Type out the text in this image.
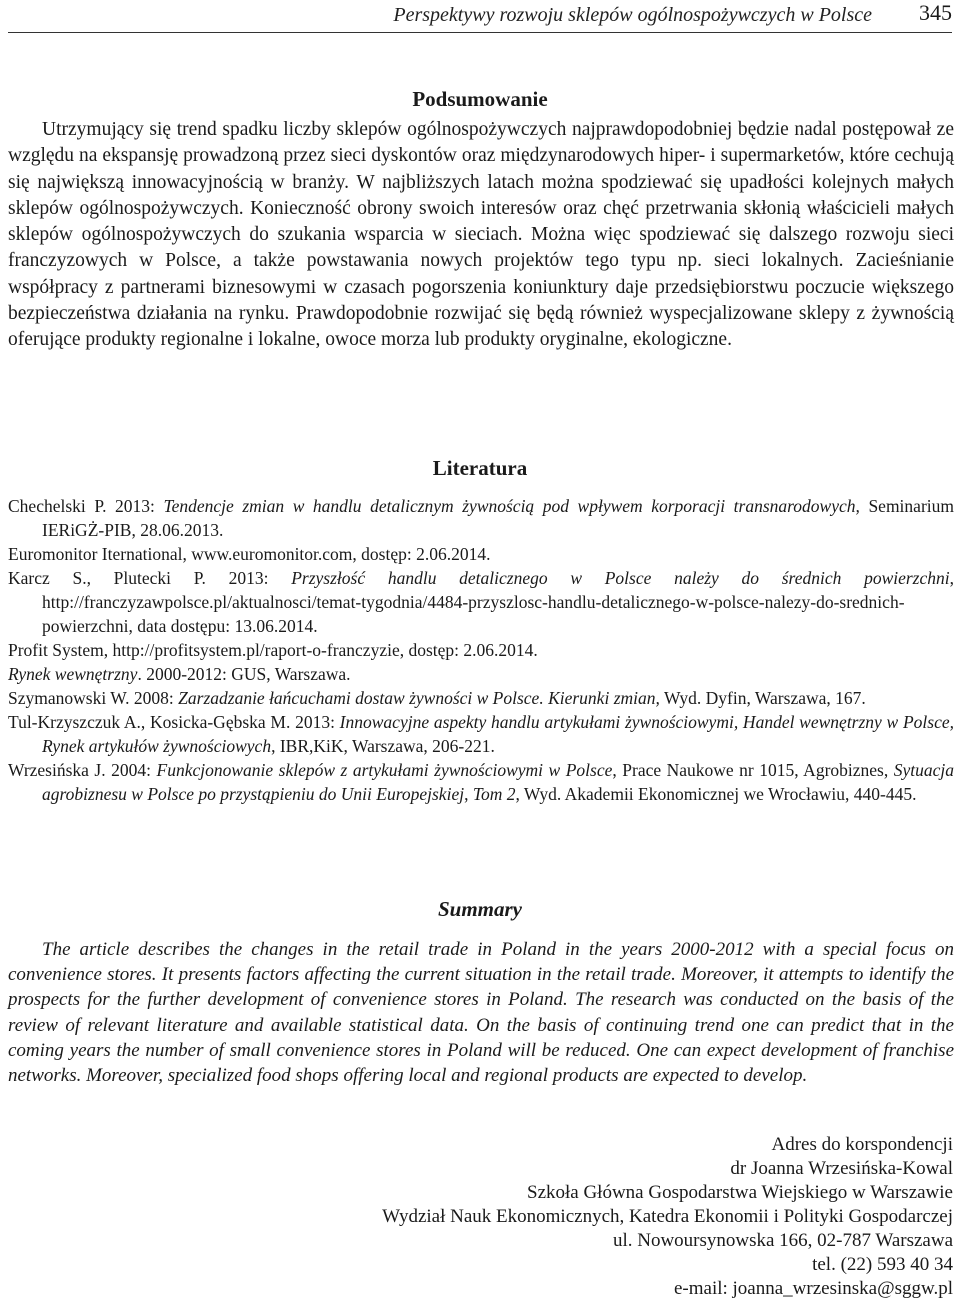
Perspektywy rozwoju sklepów ogólnospożywczych w Polsce 345
Podsumowanie

Utrzymujący się trend spadku liczby sklepów ogólnospożywczych najprawdopodobniej będzie nadal postępował ze względu na ekspansję prowadzoną przez sieci dyskontów oraz międzynarodowych hiper- i supermarketów, które cechują się największą innowacyjnością w branży. W najbliższych latach można spodziewać się upadłości kolejnych małych sklepów ogólnospożywczych. Konieczność obrony swoich interesów oraz chęć przetrwania skłonią właścicieli małych sklepów ogólnospożywczych do szukania wsparcia w sieciach. Można więc spodziewać się dalszego rozwoju sieci franczyzowych w Polsce, a także powstawania nowych projektów tego typu np. sieci lokalnych. Zacieśnianie współpracy z partnerami biznesowymi w czasach pogorszenia koniunktury daje przedsiębiorstwu poczucie większego bezpieczeństwa działania na rynku. Prawdopodobnie rozwijać się będą również wyspecjalizowane sklepy z żywnością oferujące produkty regionalne i lokalne, owoce morza lub produkty oryginalne, ekologiczne.

Literatura
Chechelski P. 2013: Tendencje zmian w handlu detalicznym żywnością pod wpływem korporacji transnarodowych, Seminarium IERiGŻ-PIB, 28.06.2013.
Euromonitor Iternational, www.euromonitor.com, dostęp: 2.06.2014.
Karcz S., Plutecki P. 2013: Przyszłość handlu detalicznego w Polsce należy do średnich powierzchni, http://franczyzawpolsce.pl/aktualnosci/temat-tygodnia/4484-przyszlosc-handlu-detalicznego-w-polsce-nalezy-do-srednich-powierzchni, data dostępu: 13.06.2014.
Profit System, http://profitsystem.pl/raport-o-franczyzie, dostęp: 2.06.2014.
Rynek wewnętrzny. 2000-2012: GUS, Warszawa.
Szymanowski W. 2008: Zarzadzanie łańcuchami dostaw żywności w Polsce. Kierunki zmian, Wyd. Dyfin, Warszawa, 167.
Tul-Krzyszczuk A., Kosicka-Gębska M. 2013: Innowacyjne aspekty handlu artykułami żywnościowymi, Handel wewnętrzny w Polsce, Rynek artykułów żywnościowych, IBR,KiK, Warszawa, 206-221.
Wrzesińska J. 2004: Funkcjonowanie sklepów z artykułami żywnościowymi w Polsce, Prace Naukowe nr 1015, Agrobiznes, Sytuacja agrobiznesu w Polsce po przystąpieniu do Unii Europejskiej, Tom 2, Wyd. Akademii Ekonomicznej we Wrocławiu, 440-445.
Summary

The article describes the changes in the retail trade in Poland in the years 2000-2012 with a special focus on convenience stores. It presents factors affecting the current situation in the retail trade. Moreover, it attempts to identify the prospects for the further development of convenience stores in Poland. The research was conducted on the basis of the review of relevant literature and available statistical data. On the basis of continuing trend one can predict that in the coming years the number of small convenience stores in Poland will be reduced. One can expect development of franchise networks. Moreover, specialized food shops offering local and regional products are expected to develop.

Adres do korspondencji
dr Joanna Wrzesińska-Kowal
Szkoła Główna Gospodarstwa Wiejskiego w Warszawie
Wydział Nauk Ekonomicznych, Katedra Ekonomii i Polityki Gospodarczej
ul. Nowoursynowska 166, 02-787 Warszawa
tel. (22) 593 40 34
e-mail: joanna_wrzesinska@sggw.pl
